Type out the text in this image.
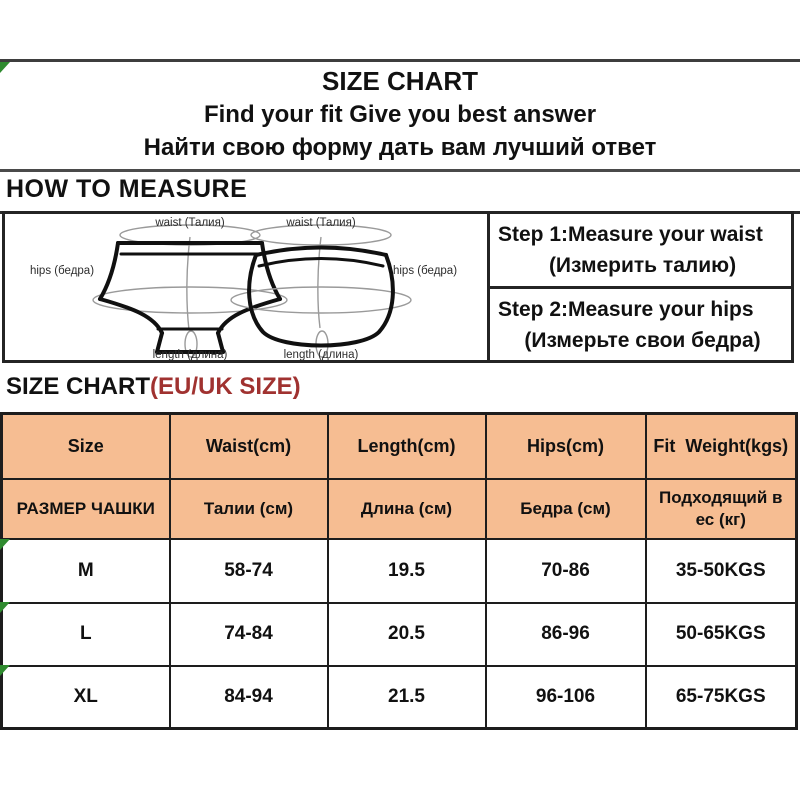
SIZE CHART
Find your fit Give you best answer
Найти свою форму дать вам лучший ответ
HOW TO MEASURE
waist (Талия)	waist (Талия)
hips (бедра)	hips (бедра)
length (длина)	length (длина)
Step 1:Measure your waist
(Измерить талию)
Step 2:Measure your hips
(Измерьте свои бедра)
SIZE CHART(EU/UK SIZE)
Size	Waist(cm)	Length(cm)	Hips(cm)	Fit  Weight(kgs)
РАЗМЕР ЧАШКИ	Талии (см)	Длина (см)	Бедра (см)	Подходящий в ес (кг)
M	58-74	19.5	70-86	35-50KGS
L	74-84	20.5	86-96	50-65KGS
XL	84-94	21.5	96-106	65-75KGS
